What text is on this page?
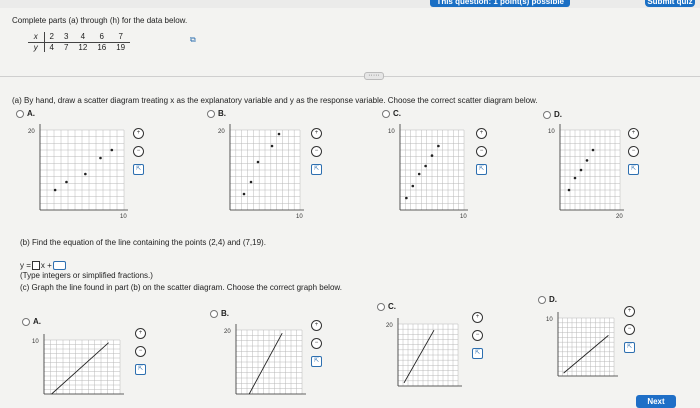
This question: 1 point(s) possible	Submit quiz
Complete parts (a) through (h) for the data below.
x	2	3	4	6	7
y	4	7	12	16	19
⧉
·····
(a) By hand, draw a scatter diagram treating x as the explanatory variable and y as the response variable. Choose the correct scatter diagram below.
A.	B.	C.	D.
20
10
20
10
10
10
10
20
+
−
⇱
+
−
⇱
+
−
⇱
+
−
⇱
(b) Find the equation of the line containing the points (2,4) and (7,19).
y = x +
(Type integers or simplified fractions.)
(c) Graph the line found in part (b) on the scatter diagram. Choose the correct graph below.
A.
B.
C.
D.
10
20
20
10
+
−
⇱
+
−
⇱
+
−
⇱
+
−
⇱
Next
